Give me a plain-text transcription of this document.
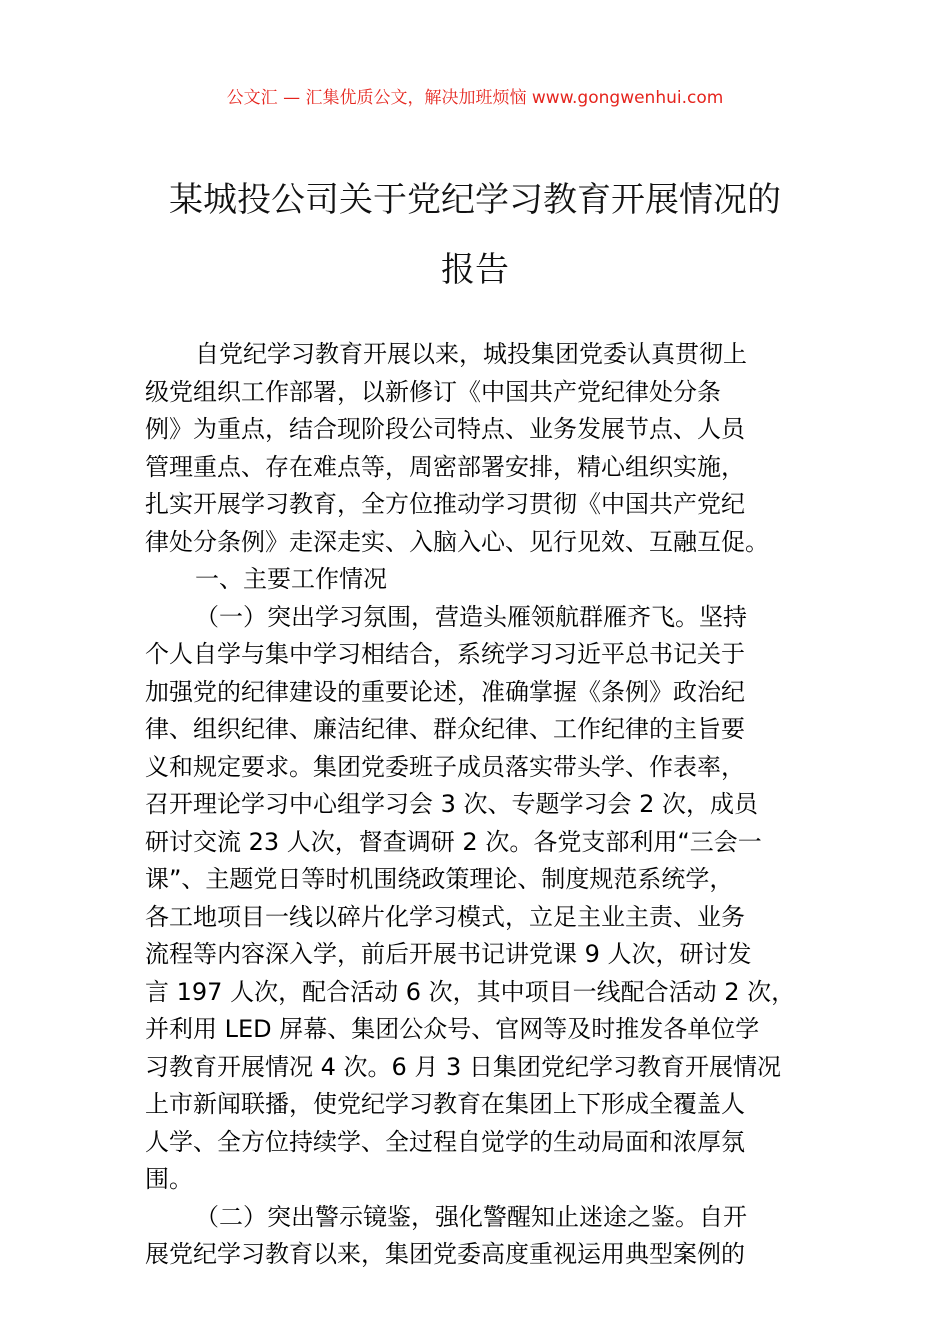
公文汇 — 汇集优质公文，解决加班烦恼 www.gongwenhui.com
某城投公司关于党纪学习教育开展情况的
报告
自党纪学习教育开展以来，城投集团党委认真贯彻上
级党组织工作部署，以新修订《中国共产党纪律处分条
例》为重点，结合现阶段公司特点、业务发展节点、人员
管理重点、存在难点等，周密部署安排，精心组织实施，
扎实开展学习教育，全方位推动学习贯彻《中国共产党纪
律处分条例》走深走实、入脑入心、见行见效、互融互促。
一、主要工作情况
（一）突出学习氛围，营造头雁领航群雁齐飞。坚持
个人自学与集中学习相结合，系统学习习近平总书记关于
加强党的纪律建设的重要论述，准确掌握《条例》政治纪
律、组织纪律、廉洁纪律、群众纪律、工作纪律的主旨要
义和规定要求。集团党委班子成员落实带头学、作表率，
召开理论学习中心组学习会 3 次、专题学习会 2 次，成员
研讨交流 23 人次，督查调研 2 次。各党支部利用“三会一
课”、主题党日等时机围绕政策理论、制度规范系统学，
各工地项目一线以碎片化学习模式，立足主业主责、业务
流程等内容深入学，前后开展书记讲党课 9 人次，研讨发
言 197 人次，配合活动 6 次，其中项目一线配合活动 2 次，
并利用 LED 屏幕、集团公众号、官网等及时推发各单位学
习教育开展情况 4 次。6 月 3 日集团党纪学习教育开展情况
上市新闻联播，使党纪学习教育在集团上下形成全覆盖人
人学、全方位持续学、全过程自觉学的生动局面和浓厚氛
围。
（二）突出警示镜鉴，强化警醒知止迷途之鉴。自开
展党纪学习教育以来，集团党委高度重视运用典型案例的
